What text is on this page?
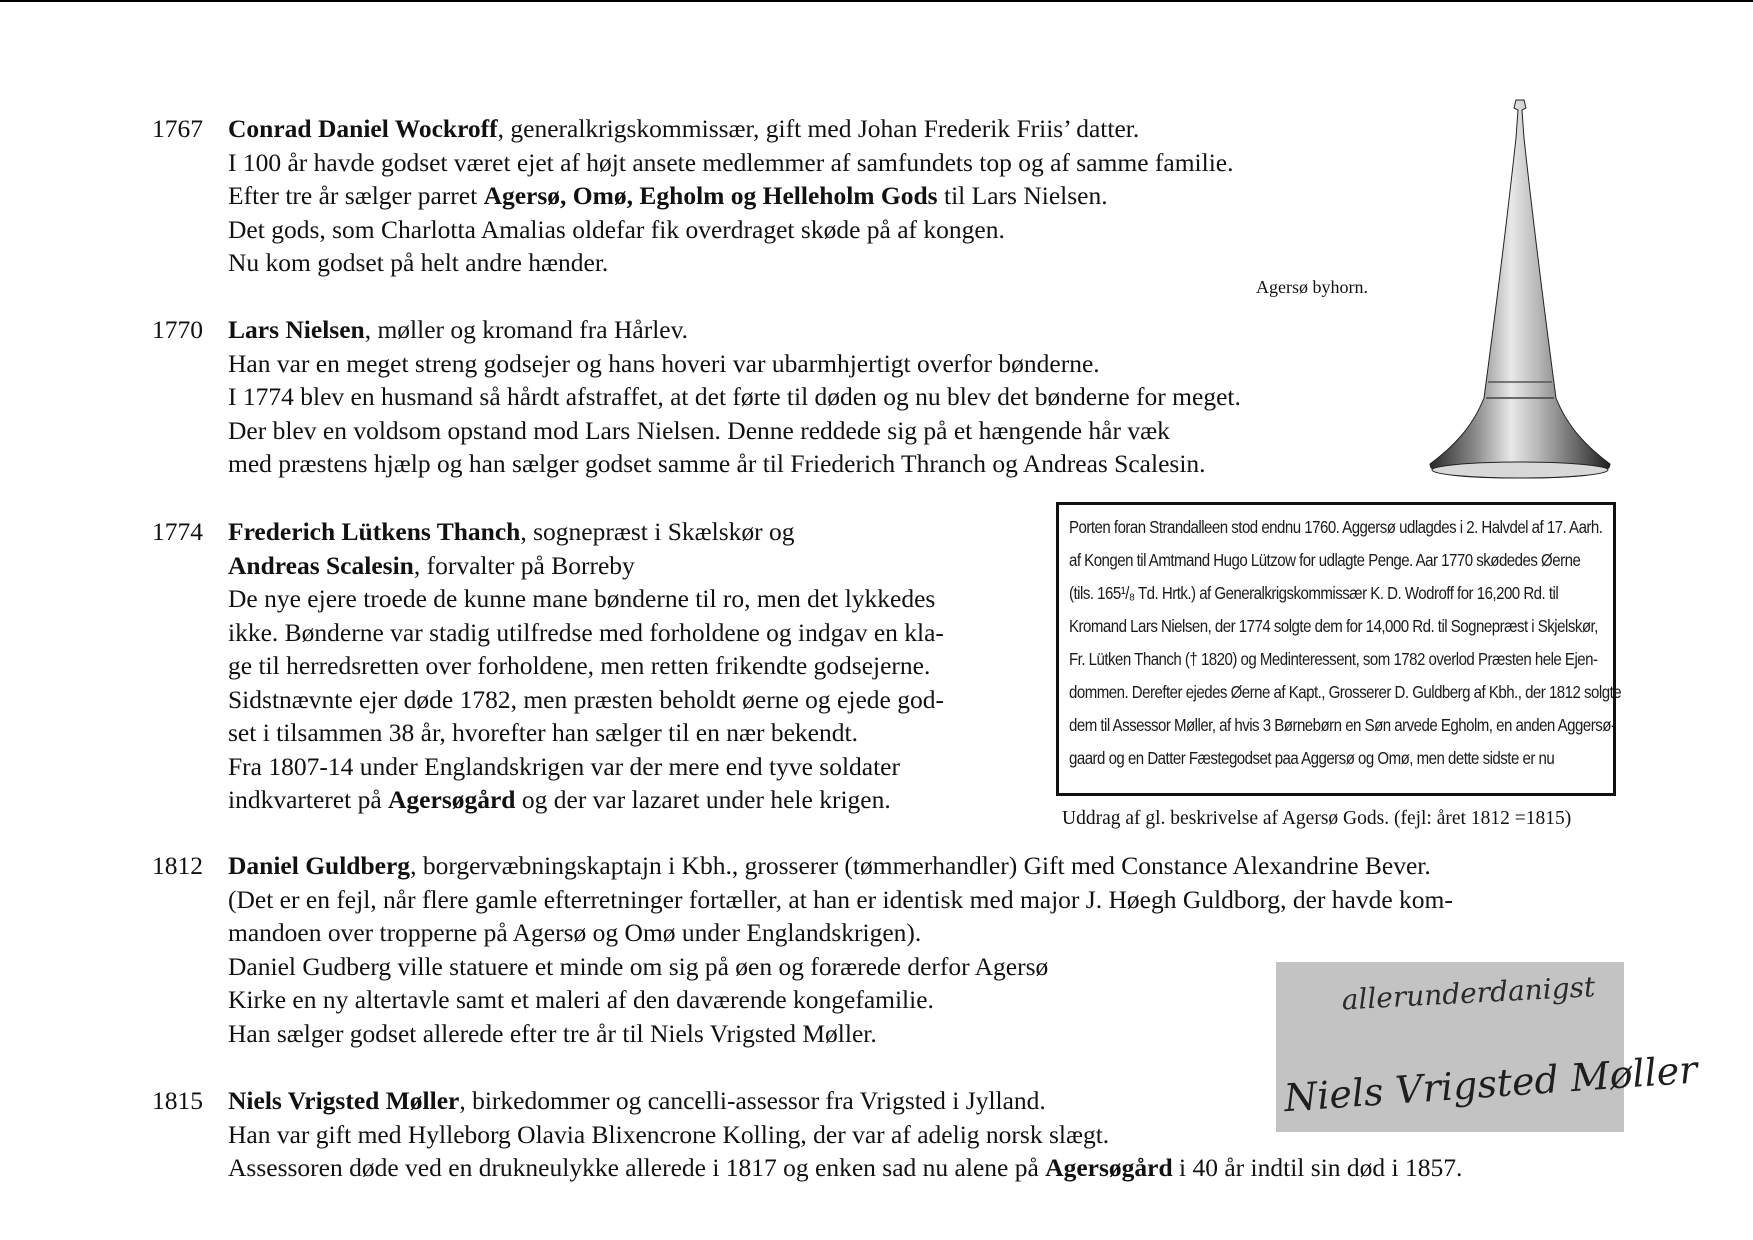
1767 Conrad Daniel Wockroff, generalkrigskommissær, gift med Johan Frederik Friis’ datter.
I 100 år havde godset været ejet af højt ansete medlemmer af samfundets top og af samme familie.
Efter tre år sælger parret Agersø, Omø, Egholm og Helleholm Gods til Lars Nielsen.
Det gods, som Charlotta Amalias oldefar fik overdraget skøde på af kongen.
Nu kom godset på helt andre hænder.
1770 Lars Nielsen, møller og kromand fra Hårlev.
Han var en meget streng godsejer og hans hoveri var ubarmhjertigt overfor bønderne.
I 1774 blev en husmand så hårdt afstraffet, at det førte til døden og nu blev det bønderne for meget.
Der blev en voldsom opstand mod Lars Nielsen. Denne reddede sig på et hængende hår væk
med præstens hjælp og han sælger godset samme år til Friederich Thranch og Andreas Scalesin.
1774 Frederich Lütkens Thanch, sognepræst i Skælskør og
Andreas Scalesin, forvalter på Borreby
De nye ejere troede de kunne mane bønderne til ro, men det lykkedes
ikke. Bønderne var stadig utilfredse med forholdene og indgav en kla-
ge til herredsretten over forholdene, men retten frikendte godsejerne.
Sidstnævnte ejer døde 1782, men præsten beholdt øerne og ejede god-
set i tilsammen 38 år, hvorefter han sælger til en nær bekendt.
Fra 1807-14 under Englandskrigen var der mere end tyve soldater
indkvarteret på Agersøgård og der var lazaret under hele krigen.
1812 Daniel Guldberg, borgervæbningskaptajn i Kbh., grosserer (tømmerhandler) Gift med Constance Alexandrine Bever.
(Det er en fejl, når flere gamle efterretninger fortæller, at han er identisk med major J. Høegh Guldborg, der havde kom-
mandoen over tropperne på Agersø og Omø under Englandskrigen).
Daniel Gudberg ville statuere et minde om sig på øen og forærede derfor Agersø
Kirke en ny altertavle samt et maleri af den daværende kongefamilie.
Han sælger godset allerede efter tre år til Niels Vrigsted Møller.
1815 Niels Vrigsted Møller, birkedommer og cancelli-assessor fra Vrigsted i Jylland.
Han var gift med Hylleborg Olavia Blixencrone Kolling, der var af adelig norsk slægt.
Assessoren døde ved en drukneulykke allerede i 1817 og enken sad nu alene på Agersøgård i 40 år indtil sin død i 1857.
Agersø byhorn.
Porten foran Strandalleen stod endnu 1760. Aggersø udlagdes i 2. Halvdel af 17. Aarh.
af Kongen til Amtmand Hugo Lützow for udlagte Penge. Aar 1770 skødedes Øerne
(tils. 165¹/₈ Td. Hrtk.) af Generalkrigskommissær K. D. Wodroff for 16,200 Rd. til
Kromand Lars Nielsen, der 1774 solgte dem for 14,000 Rd. til Sognepræst i Skjelskør,
Fr. Lütken Thanch († 1820) og Medinteressent, som 1782 overlod Præsten hele Ejen-
dommen. Derefter ejedes Øerne af Kapt., Grosserer D. Guldberg af Kbh., der 1812 solgte
dem til Assessor Møller, af hvis 3 Børnebørn en Søn arvede Egholm, en anden Aggersø-
gaard og en Datter Fæstegodset paa Aggersø og Omø, men dette sidste er nu
Uddrag af gl. beskrivelse af Agersø Gods. (fejl: året 1812 =1815)
allerunderdanigst
Niels Vrigsted Møller
